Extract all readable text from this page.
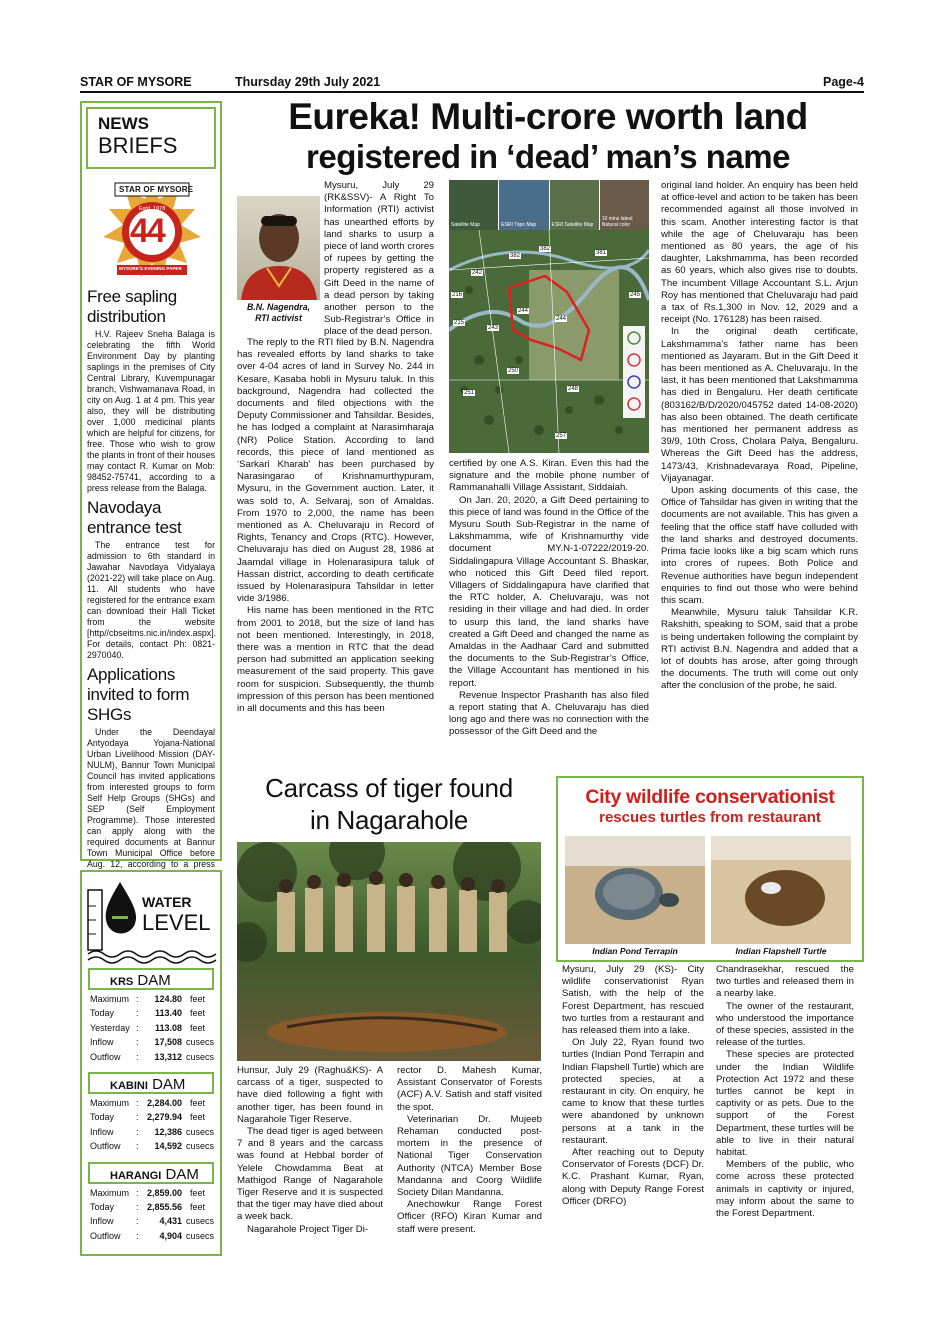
STAR OF MYSORE	Thursday 29th July 2021	Page-4
NEWS
BRIEFS
STAR OF MYSORE
Estd. 1978
44
MYSORE'S EVENING PAPER
Free sapling distribution

H.V. Rajeev Sneha Balaga is celebrating the fifth World Environment Day by planting saplings in the premises of City Central Library, Kuvempunagar branch, Vishwamanava Road, in city on Aug. 1 at 4 pm. This year also, they will be distributing over 1,000 medicinal plants which are helpful for citizens, for free. Those who wish to grow the plants in front of their houses may contact R. Kumar on Mob: 98452-75741, according to a press release from the Balaga.

Navodaya entrance test

The entrance test for admission to 6th standard in Jawahar Navodaya Vidyalaya (2021-22) will take place on Aug. 11. All students who have registered for the entrance exam can download their Hall Ticket from the website [http//cbseitms.nic.in/index.aspx]. For details, contact Ph: 0821- 2970040.

Applications invited to form SHGs

Under the Deendayal Antyodaya Yojana-National Urban Livelihood Mission (DAY-NULM), Bannur Town Municipal Council has invited applications from interested groups to form Self Help Groups (SHGs) and SEP (Self Employment Programme). Those interested can apply along with the required documents at Bannur Town Municipal Office before Aug. 12, according to a press

WATER
LEVEL
KRS DAM
Maximum : 124.80 feet
Today : 113.40 feet
Yesterday : 113.08 feet
Inflow : 17,508 cusecs
Outflow : 13,312 cusecs
KABINI DAM
Maximum : 2,284.00 feet
Today : 2,279.94 feet
Inflow : 12,386 cusecs
Outflow : 14,592 cusecs
HARANGI DAM
Maximum : 2,859.00 feet
Today : 2,855.56 feet
Inflow : 4,431 cusecs
Outflow : 4,904 cusecs
Eureka! Multi-crore worth land
registered in ‘dead’ man’s name
B.N. Nagendra,
RTI activist

Mysuru, July 29 (RK&SSV)- A Right To Information (RTI) activist has unearthed efforts by land sharks to usurp a piece of land worth crores of rupees by getting the property registered as a Gift Deed in the name of a dead person by taking another person to the Sub-Registrar’s Office in place of the dead person.

The reply to the RTI filed by B.N. Nagendra has revealed efforts by land sharks to take over 4-04 acres of land in Survey No. 244 in Kesare, Kasaba hobli in Mysuru taluk. In this background, Nagendra had collected the documents and filed objections with the Deputy Commissioner and Tahsildar. Besides, he has lodged a complaint at Narasimharaja (NR) Police Station. According to land records, this piece of land mentioned as ‘Sarkari Kharab’ has been purchased by Narasingarao of Krishnamurthypuram, Mysuru, in the Government auction. Later, it was sold to, A. Selvaraj, son of Amaldas. From 1970 to 2,000, the name has been mentioned as A. Cheluvaraju in Record of Rights, Tenancy and Crops (RTC). However, Cheluvaraju has died on August 28, 1986 at Jaamdal village in Holenarasipura taluk of Hassan district, according to death certificate issued by Holenarasipura Tahsildar in letter vide 3/1986.

His name has been mentioned in the RTC from 2001 to 2018, but the size of land has not been mentioned. Interestingly, in 2018, there was a mention in RTC that the dead person had submitted an application seeking measurement of the said property. This gave room for suspicion. Subsequently, the thumb impression of this person has been mentioned in all documents and this has been

Satellite Map	ESRI Topo Map	ESRI Satellite Map
10 mins latest Natural color
382
382
381
242
244
244
216	245
243
215
250
251
248
257

certified by one A.S. Kiran. Even this had the signature and the mobile phone number of Rammanahalli Village Assistant, Siddaiah.

On Jan. 20, 2020, a Gift Deed pertaining to this piece of land was found in the Office of the Mysuru South Sub-Registrar in the name of Lakshmamma, wife of Krishnamurthy vide document MY.N-1-07222/2019-20. Siddalingapura Village Accountant S. Bhaskar, who noticed this Gift Deed filed report. Villagers of Siddalingapura have clarified that the RTC holder, A. Cheluvaraju, was not residing in their village and had died. In order to usurp this land, the land sharks have created a Gift Deed and changed the name as Amaldas in the Aadhaar Card and submitted the documents to the Sub-Registrar’s Office, the Village Accountant has mentioned in his report.

Revenue Inspector Prashanth has also filed a report stating that A. Cheluvaraju has died long ago and there was no connection with the possessor of the Gift Deed and the

original land holder. An enquiry has been held at office-level and action to be taken has been recommended against all those involved in this scam. Another interesting factor is that while the age of Cheluvaraju has been mentioned as 80 years, the age of his daughter, Lakshmamma, has been recorded as 60 years, which also gives rise to doubts. The incumbent Village Accountant S.L. Arjun Roy has mentioned that Cheluvaraju had paid a tax of Rs.1,300 in Nov. 12, 2029 and a receipt (No. 176128) has been raised.

In the original death certificate, Lakshmamma’s father name has been mentioned as Jayaram. But in the Gift Deed it has been mentioned as A. Cheluvaraju. In the last, it has been mentioned that Lakshmamma has died in Bengaluru. Her death certificate (803162/B/D/2020/045752 dated 14-08-2020) has also been obtained. The death certificate has mentioned her permanent address as 39/9, 10th Cross, Cholara Palya, Bengaluru. Whereas the Gift Deed has the address, 1473/43, Krishnadevaraya Road, Pipeline, Vijayanagar.

Upon asking documents of this case, the Office of Tahsildar has given in writing that the documents are not available. This has given a feeling that the office staff have colluded with the land sharks and destroyed documents. Prima facie looks like a big scam which runs into crores of rupees. Both Police and Revenue authorities have begun independent enquiries to find out those who were behind this scam.

Meanwhile, Mysuru taluk Tahsildar K.R. Rakshith, speaking to SOM, said that a probe is being undertaken following the complaint by RTI activist B.N. Nagendra and added that a lot of doubts has arose, after going through the documents. The truth will come out only after the conclusion of the probe, he said.

Carcass of tiger found
in Nagarahole

Hunsur, July 29 (Raghu&KS)- A carcass of a tiger, suspected to have died following a fight with another tiger, has been found in Nagarahole Tiger Reserve.

The dead tiger is aged between 7 and 8 years and the carcass was found at Hebbal border of Yelele Chowdamma Beat at Mathigod Range of Nagarahole Tiger Reserve and it is suspected that the tiger may have died about a week back.

Nagarahole Project Tiger Di-

rector D. Mahesh Kumar, Assistant Conservator of Forests (ACF) A.V. Satish and staff visited the spot.

Veterinarian Dr. Mujeeb Rehaman conducted post-mortem in the presence of National Tiger Conservation Authority (NTCA) Member Bose Mandanna and Coorg Wildlife Society Dilan Mandanna.

Anechowkur Range Forest Officer (RFO) Kiran Kumar and staff were present.

City wildlife conservationist
rescues turtles from restaurant
Indian Pond Terrapin	Indian Flapshell Turtle

Mysuru, July 29 (KS)- City wildlife conservationist Ryan Satish, with the help of the Forest Department, has rescued two turtles from a restaurant and has released them into a lake.

On July 22, Ryan found two turtles (Indian Pond Terrapin and Indian Flapshell Turtle) which are protected species, at a restaurant in city. On enquiry, he came to know that these turtles were abandoned by unknown persons at a tank in the restaurant.

After reaching out to Deputy Conservator of Forests (DCF) Dr. K.C. Prashant Kumar, Ryan, along with Deputy Range Forest Officer (DRFO)

Chandrasekhar, rescued the two turtles and released them in a nearby lake.

The owner of the restaurant, who understood the importance of these species, assisted in the release of the turtles.

These species are protected under the Indian Wildlife Protection Act 1972 and these turtles cannot be kept in captivity or as pets. Due to the support of the Forest Department, these turtles will be able to live in their natural habitat.

Members of the public, who come across these protected animals in captivity or injured, may inform about the same to the Forest Department.
